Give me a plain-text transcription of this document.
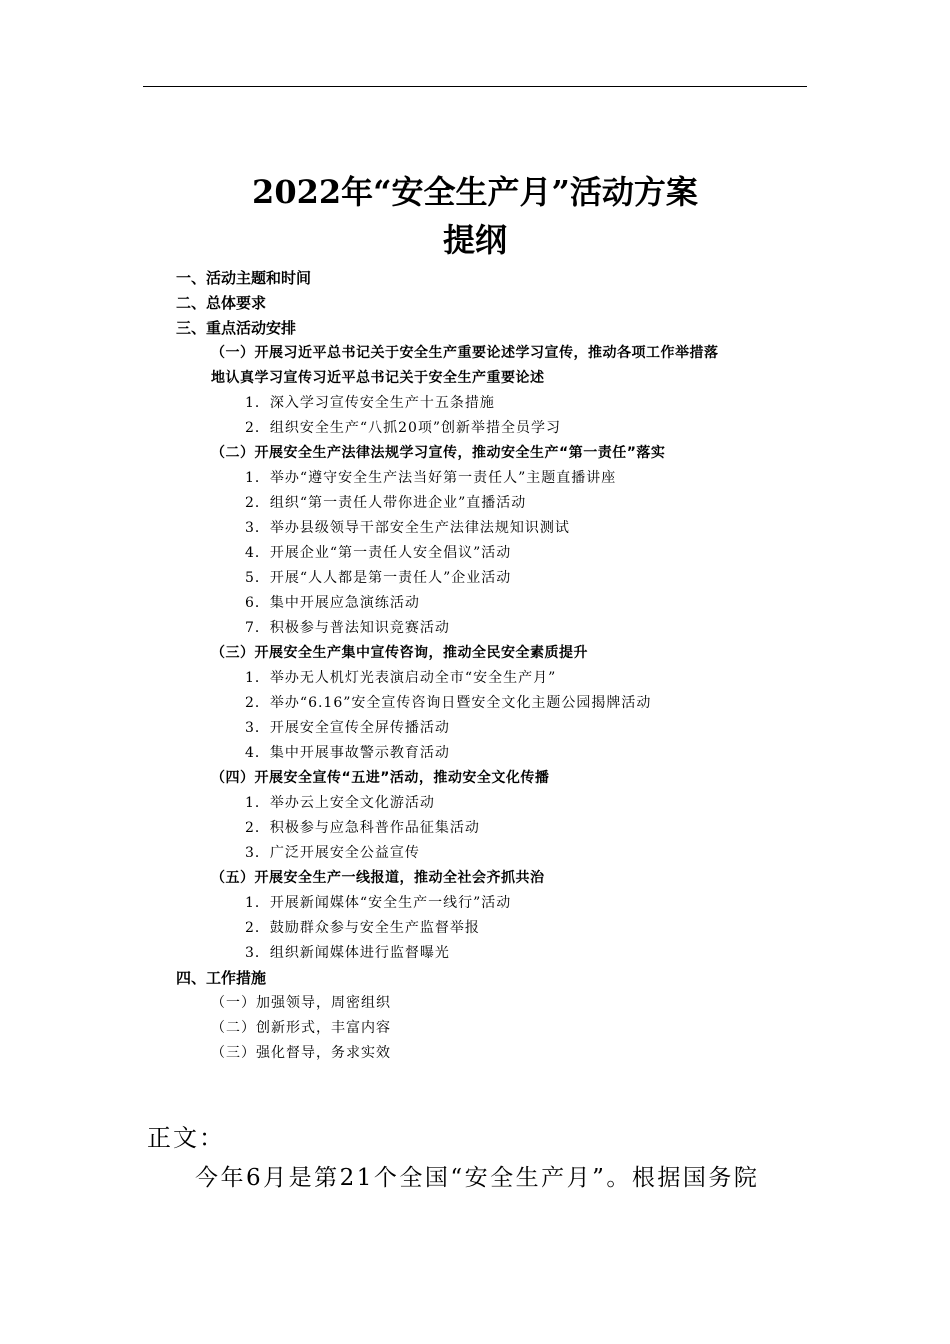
2022年“安全生产月”活动方案
提纲
一、活动主题和时间
二、总体要求
三、重点活动安排
（一）开展习近平总书记关于安全生产重要论述学习宣传，推动各项工作举措落
地认真学习宣传习近平总书记关于安全生产重要论述
1．深入学习宣传安全生产十五条措施
2．组织安全生产“八抓20项”创新举措全员学习
（二）开展安全生产法律法规学习宣传，推动安全生产“第一责任”落实
1．举办“遵守安全生产法当好第一责任人”主题直播讲座
2．组织“第一责任人带你进企业”直播活动
3．举办县级领导干部安全生产法律法规知识测试
4．开展企业“第一责任人安全倡议”活动
5．开展“人人都是第一责任人”企业活动
6．集中开展应急演练活动
7．积极参与普法知识竞赛活动
（三）开展安全生产集中宣传咨询，推动全民安全素质提升
1．举办无人机灯光表演启动全市“安全生产月”
2．举办“6.16”安全宣传咨询日暨安全文化主题公园揭牌活动
3．开展安全宣传全屏传播活动
4．集中开展事故警示教育活动
（四）开展安全宣传“五进”活动，推动安全文化传播
1．举办云上安全文化游活动
2．积极参与应急科普作品征集活动
3．广泛开展安全公益宣传
（五）开展安全生产一线报道，推动全社会齐抓共治
1．开展新闻媒体“安全生产一线行”活动
2．鼓励群众参与安全生产监督举报
3．组织新闻媒体进行监督曝光
四、工作措施
（一）加强领导，周密组织
（二）创新形式，丰富内容
（三）强化督导，务求实效
正文：
今年6月是第21个全国“安全生产月”。根据国务院
